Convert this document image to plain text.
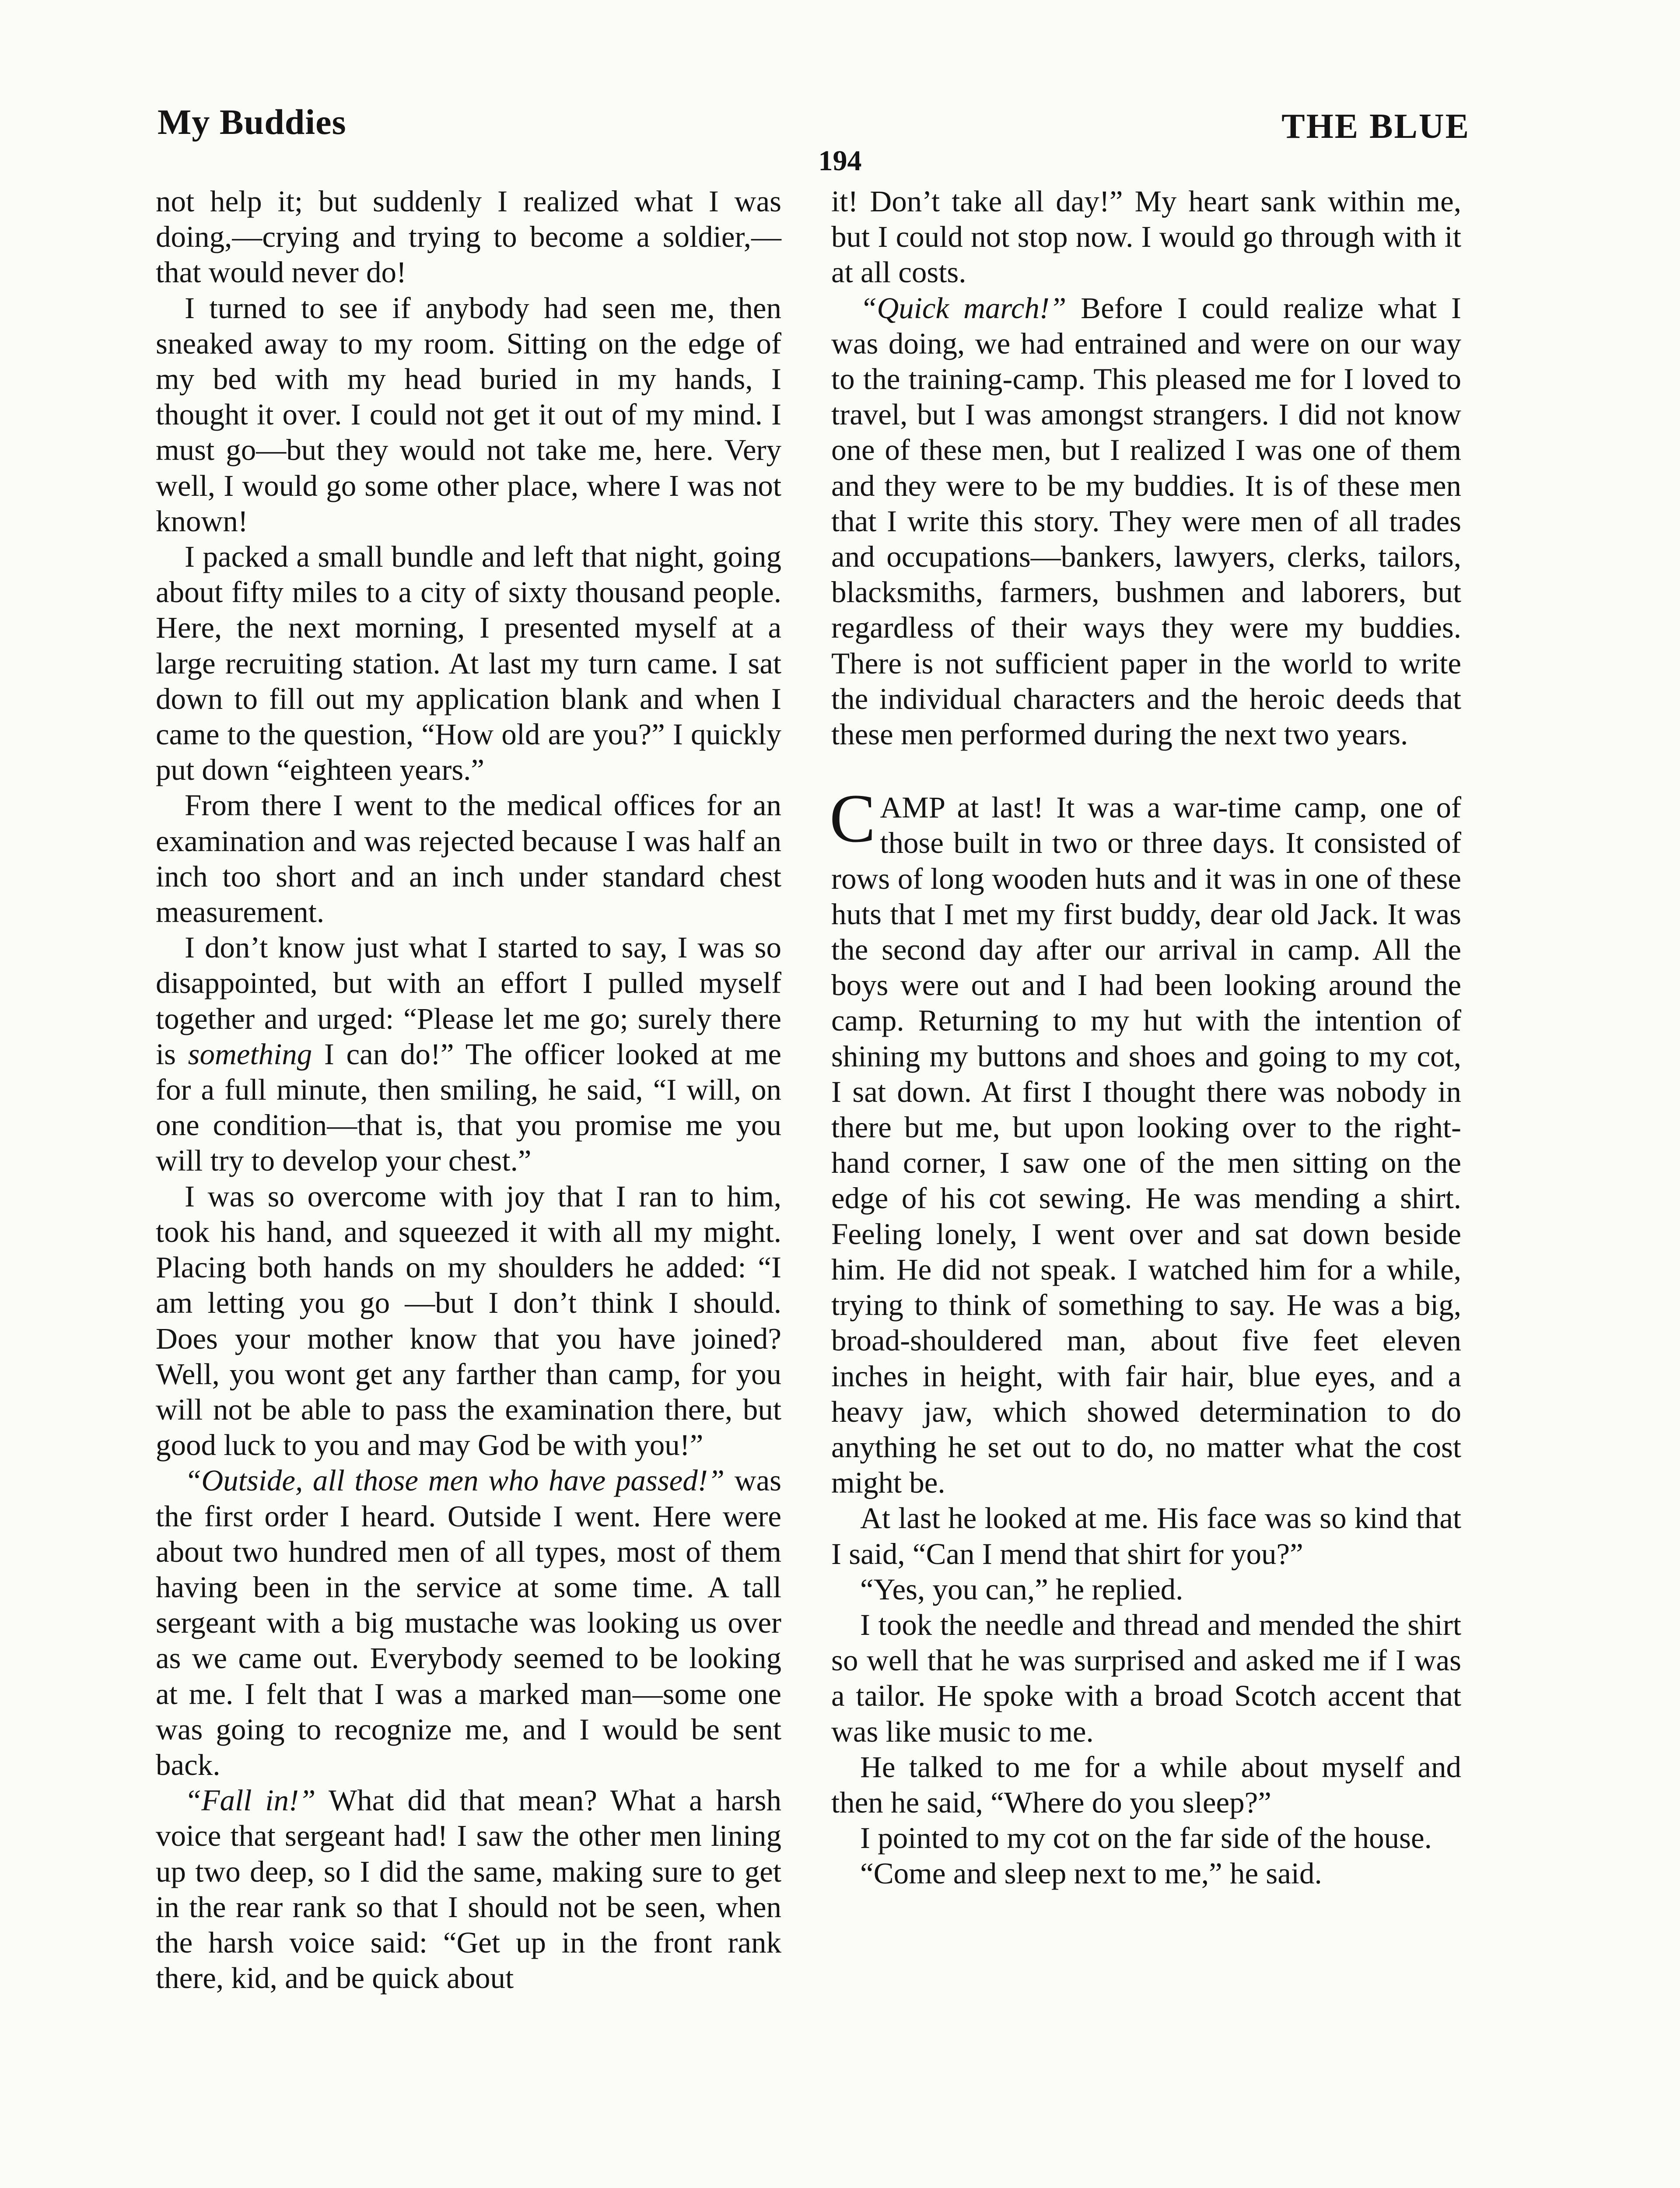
My Buddies	THE BLUE
194

not help it; but suddenly I realized what I was doing,—crying and trying to become a soldier,—that would never do!

I turned to see if anybody had seen me, then sneaked away to my room. Sitting on the edge of my bed with my head buried in my hands, I thought it over. I could not get it out of my mind. I must go—but they would not take me, here. Very well, I would go some other place, where I was not known!

I packed a small bundle and left that night, going about fifty miles to a city of sixty thousand people. Here, the next morning, I presented myself at a large recruiting station. At last my turn came. I sat down to fill out my application blank and when I came to the question, “How old are you?” I quickly put down “eighteen years.”

From there I went to the medical offices for an examination and was rejected because I was half an inch too short and an inch under standard chest measurement.

I don’t know just what I started to say, I was so disappointed, but with an effort I pulled myself together and urged: “Please let me go; surely there is something I can do!” The officer looked at me for a full minute, then smiling, he said, “I will, on one condition—that is, that you promise me you will try to develop your chest.”

I was so overcome with joy that I ran to him, took his hand, and squeezed it with all my might. Placing both hands on my shoulders he added: “I am letting you go —but I don’t think I should. Does your mother know that you have joined? Well, you wont get any farther than camp, for you will not be able to pass the examination there, but good luck to you and may God be with you!”

“Outside, all those men who have passed!” was the first order I heard. Outside I went. Here were about two hundred men of all types, most of them having been in the service at some time. A tall sergeant with a big mustache was looking us over as we came out. Everybody seemed to be looking at me. I felt that I was a marked man—some one was going to recognize me, and I would be sent back.

“Fall in!” What did that mean? What a harsh voice that sergeant had! I saw the other men lining up two deep, so I did the same, making sure to get in the rear rank so that I should not be seen, when the harsh voice said: “Get up in the front rank there, kid, and be quick about

it! Don’t take all day!” My heart sank within me, but I could not stop now. I would go through with it at all costs.

“Quick march!” Before I could realize what I was doing, we had entrained and were on our way to the training-camp. This pleased me for I loved to travel, but I was amongst strangers. I did not know one of these men, but I realized I was one of them and they were to be my buddies. It is of these men that I write this story. They were men of all trades and occupations—bankers, lawyers, clerks, tailors, blacksmiths, farmers, bushmen and laborers, but regardless of their ways they were my buddies. There is not sufficient paper in the world to write the individual characters and the heroic deeds that these men performed during the next two years.

CAMP at last! It was a war-time camp, one of those built in two or three days. It consisted of rows of long wooden huts and it was in one of these huts that I met my first buddy, dear old Jack. It was the second day after our arrival in camp. All the boys were out and I had been looking around the camp. Returning to my hut with the intention of shining my buttons and shoes and going to my cot, I sat down. At first I thought there was nobody in there but me, but upon looking over to the right-hand corner, I saw one of the men sitting on the edge of his cot sewing. He was mending a shirt. Feeling lonely, I went over and sat down beside him. He did not speak. I watched him for a while, trying to think of something to say. He was a big, broad-shouldered man, about five feet eleven inches in height, with fair hair, blue eyes, and a heavy jaw, which showed determination to do anything he set out to do, no matter what the cost might be.

At last he looked at me. His face was so kind that I said, “Can I mend that shirt for you?”

“Yes, you can,” he replied.

I took the needle and thread and mended the shirt so well that he was surprised and asked me if I was a tailor. He spoke with a broad Scotch accent that was like music to me.

He talked to me for a while about myself and then he said, “Where do you sleep?”

I pointed to my cot on the far side of the house.

“Come and sleep next to me,” he said.
